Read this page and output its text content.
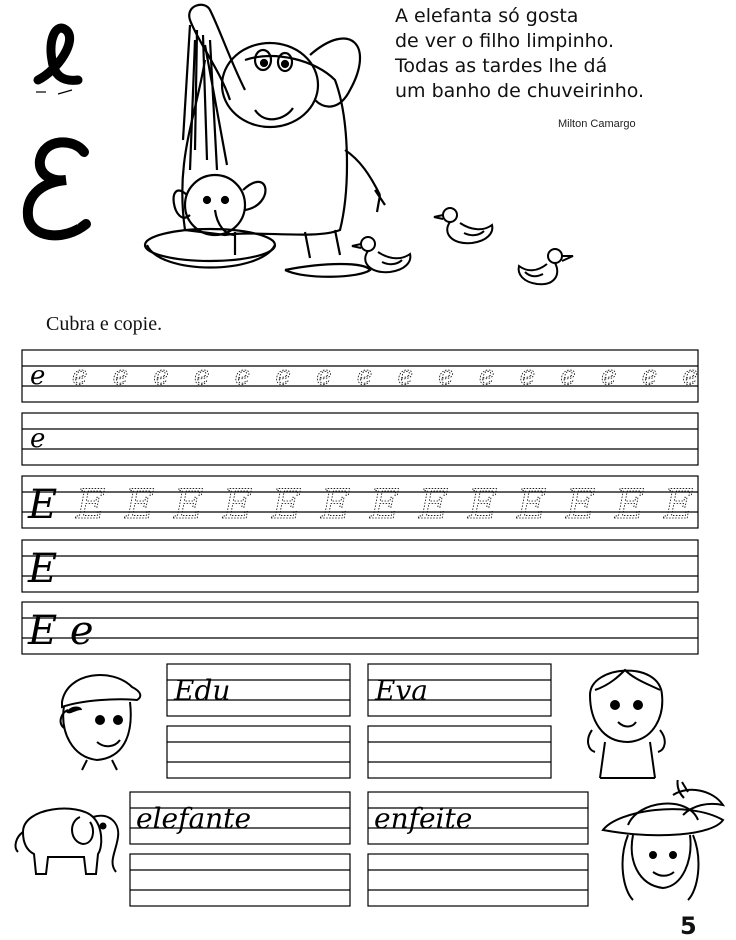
A elefanta só gosta
de ver o filho limpinho.
Todas as tardes lhe dá
um banho de chuveirinho.
Milton Camargo
Cubra e copie.
e e e e e e e e e e e e e e e e e
e
E E E E E E E E E E E E E E
E
E e
Edu	Eva
elefante	enfeite
5
